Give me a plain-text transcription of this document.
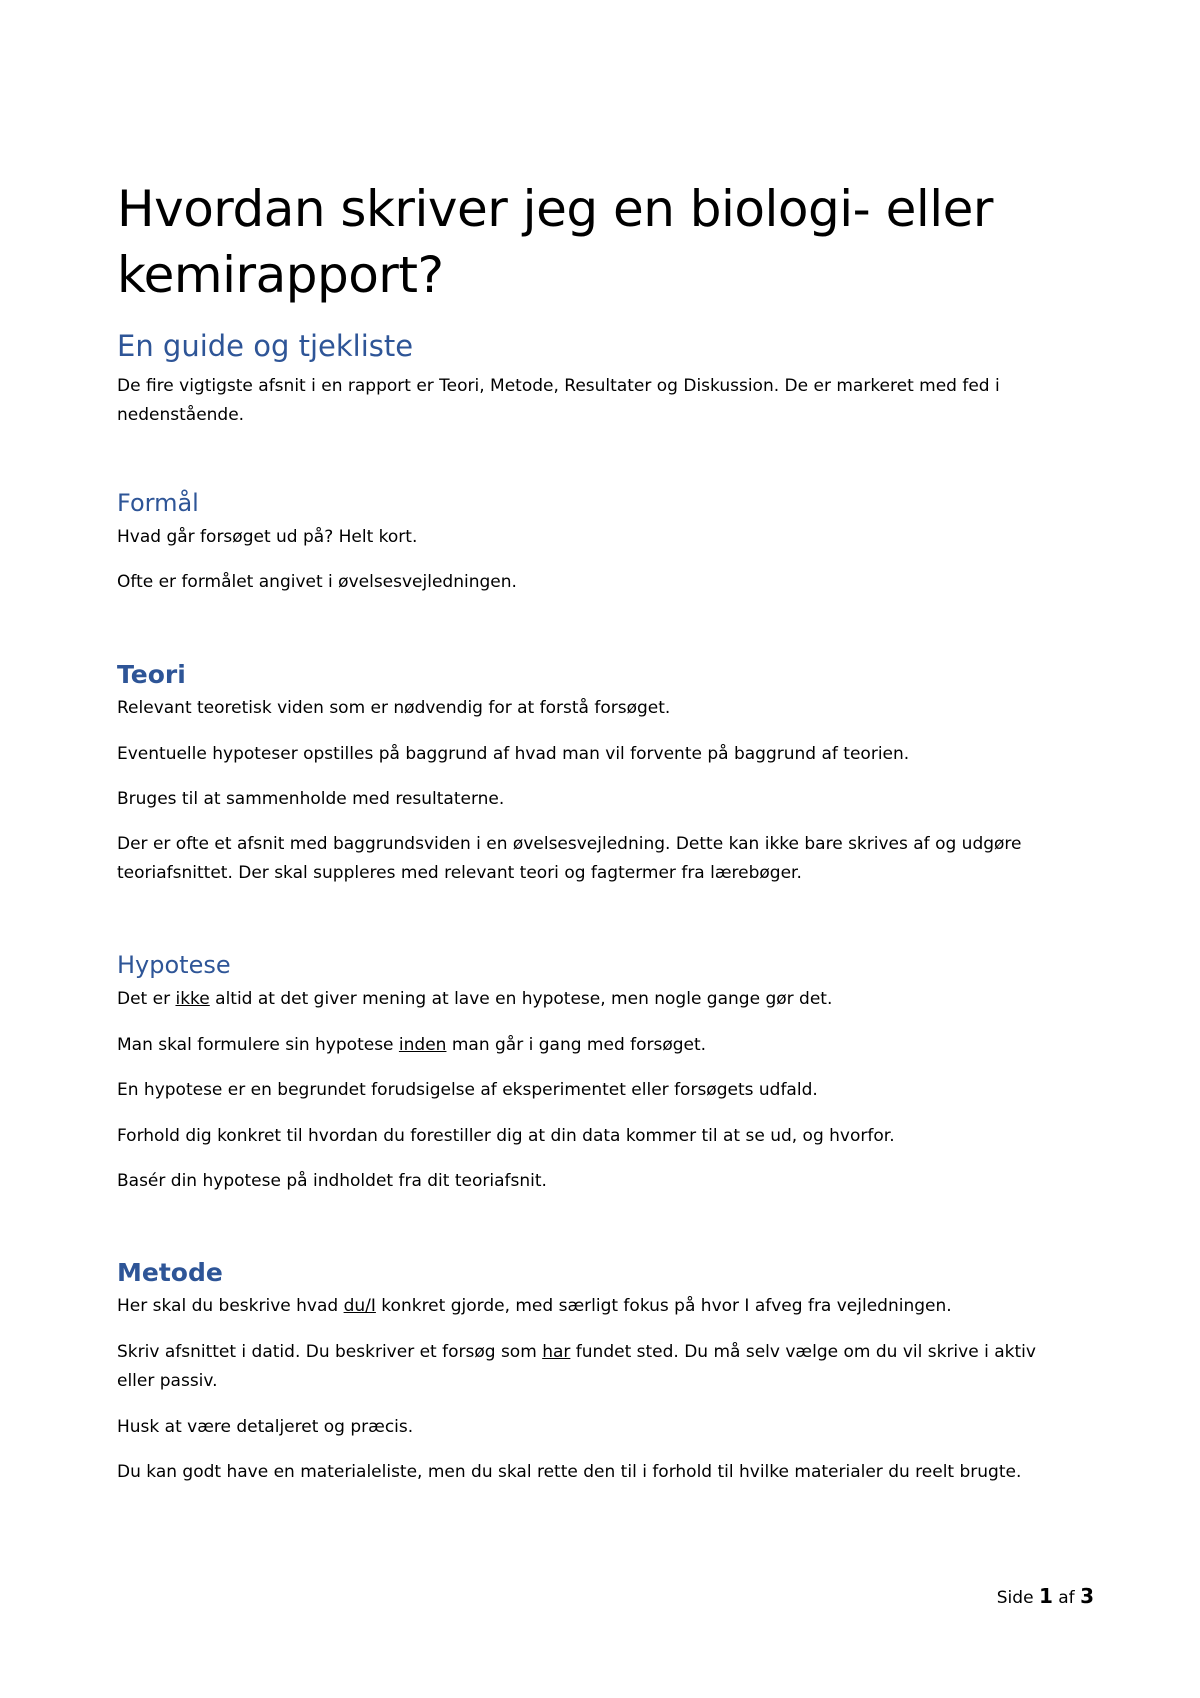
Hvordan skriver jeg en biologi- eller kemirapport?
En guide og tjekliste

De fire vigtigste afsnit i en rapport er Teori, Metode, Resultater og Diskussion. De er markeret med fed i nedenstående.

Formål

Hvad går forsøget ud på? Helt kort.

Ofte er formålet angivet i øvelsesvejledningen.

Teori

Relevant teoretisk viden som er nødvendig for at forstå forsøget.

Eventuelle hypoteser opstilles på baggrund af hvad man vil forvente på baggrund af teorien.

Bruges til at sammenholde med resultaterne.

Der er ofte et afsnit med baggrundsviden i en øvelsesvejledning. Dette kan ikke bare skrives af og udgøre teoriafsnittet. Der skal suppleres med relevant teori og fagtermer fra lærebøger.

Hypotese

Det er ikke altid at det giver mening at lave en hypotese, men nogle gange gør det.

Man skal formulere sin hypotese inden man går i gang med forsøget.

En hypotese er en begrundet forudsigelse af eksperimentet eller forsøgets udfald.

Forhold dig konkret til hvordan du forestiller dig at din data kommer til at se ud, og hvorfor.

Basér din hypotese på indholdet fra dit teoriafsnit.

Metode

Her skal du beskrive hvad du/I konkret gjorde, med særligt fokus på hvor I afveg fra vejledningen.

Skriv afsnittet i datid. Du beskriver et forsøg som har fundet sted. Du må selv vælge om du vil skrive i aktiv eller passiv.

Husk at være detaljeret og præcis.

Du kan godt have en materialeliste, men du skal rette den til i forhold til hvilke materialer du reelt brugte.

Side 1 af 3
